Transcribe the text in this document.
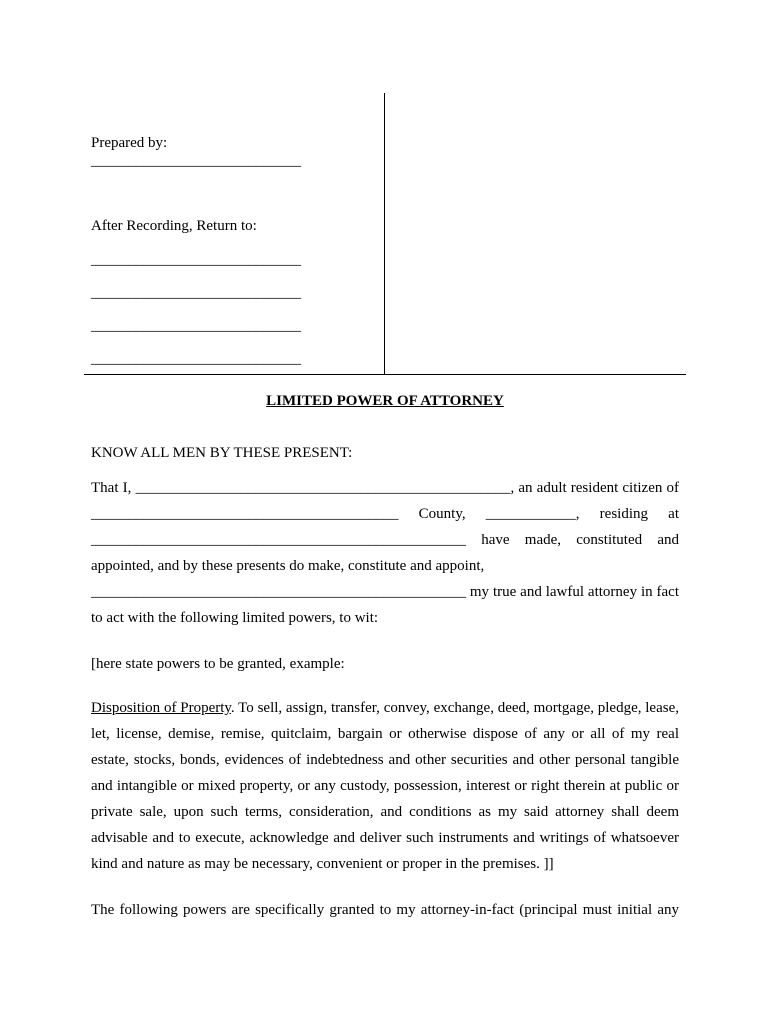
Prepared by:
____________________________
After Recording, Return to:
____________________________
____________________________
____________________________
____________________________
LIMITED POWER OF ATTORNEY
KNOW ALL MEN BY THESE PRESENT:
That I, __________________________________________________, an adult resident citizen of
_________________________________________ County, ____________, residing at
__________________________________________________ have made, constituted and
appointed, and by these presents do make, constitute and appoint,
__________________________________________________ my true and lawful attorney in fact
to act with the following limited powers, to wit:
[here state powers to be granted, example:
Disposition of Property. To sell, assign, transfer, convey, exchange, deed, mortgage, pledge, lease, let, license, demise, remise, quitclaim, bargain or otherwise dispose of any or all of my real estate, stocks, bonds, evidences of indebtedness and other securities and other personal tangible and intangible or mixed property, or any custody, possession, interest or right therein at public or private sale, upon such terms, consideration, and conditions as my said attorney shall deem advisable and to execute, acknowledge and deliver such instruments and writings of whatsoever kind and nature as may be necessary, convenient or proper in the premises. ]]
The following powers are specifically granted to my attorney-in-fact (principal must initial any
